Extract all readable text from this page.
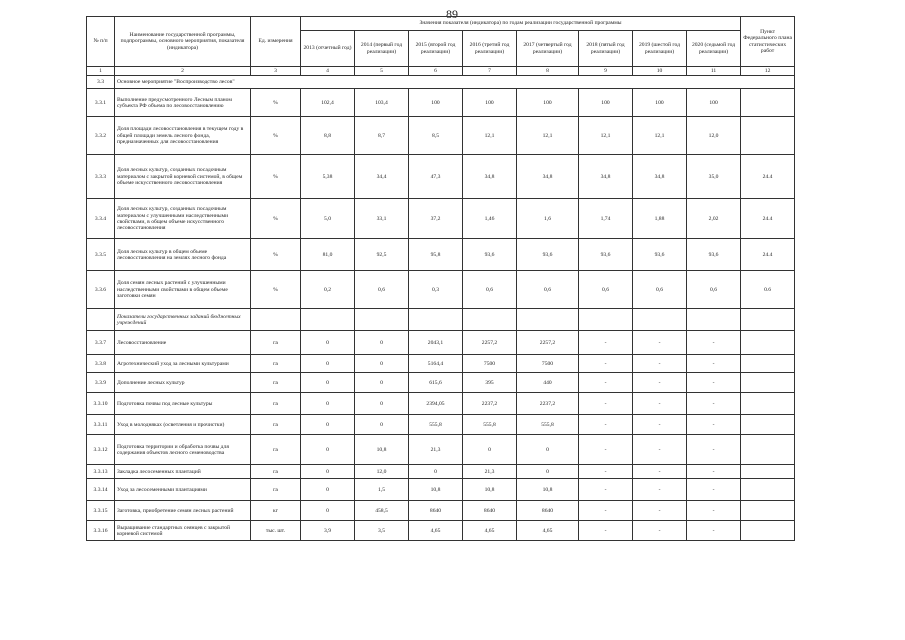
89
№ п/п	Наименование государственной программы, подпрограммы, основного мероприятия, показателя (индикатора)	Ед. измерения	Значения показателя (индикатора) по годам реализации государственной программы								Пункт Федерального плана статистических работ
			2013 (отчетный год)	2014 (первый год реализации)	2015 (второй год реализации)	2016 (третий год реализации)	2017 (четвертый год реализации)	2018 (пятый год реализации)	2019 (шестой год реализации)	2020 (седьмой год реализации)	
1	2	3	4	5	6	7	8	9	10	11	12
3.3	Основное мероприятие "Воспроизводство лесов"										
3.3.1	Выполнение предусмотренного Лесным планом субъекта РФ объема по лесовосстановлению	%	102,4	103,4	100	100	100	100	100	100	
3.3.2	Доля площади лесовосстановления в текущем году в общей площади земель лесного фонда, предназначенных для лесовосстановления	%	8,8	8,7	8,5	12,1	12,1	12,1	12,1	12,0	
3.3.3	Доля лесных культур, созданных посадочным материалом с закрытой корневой системой, в общем объеме искусственного лесовосстановления	%	5,38	34,4	47,3	34,8	34,8	34,8	34,8	35,0	24.4
3.3.4	Доля лесных культур, созданных посадочным материалом с улучшенными наследственными свойствами, в общем объеме искусственного лесовосстановления	%	5,0	33,1	37,2	1,46	1,6	1,74	1,88	2,02	24.4
3.3.5	Доля лесных культур в общем объеме лесовосстановления на землях лесного фонда	%	81,0	92,5	95,8	93,6	93,6	93,6	93,6	93,6	24.4
3.3.6	Доля семян лесных растений с улучшенными наследственными свойствами в общем объеме заготовки семян	%	0,2	0,6	0,3	0,6	0,6	0,6	0,6	0,6	0.6
	Показатели государственных заданий бюджетных учреждений										
3.3.7	Лесовосстановление	га	0	0	2043,1	2257,2	2257,2	-	-	-	
3.3.8	Агротехнический уход за лесными культурами	га	0	0	5164,4	7500	7500	-	-	-	
3.3.9	Дополнение лесных культур	га	0	0	615,6	395	440	-	-	-	
3.3.10	Подготовка почвы под лесные культуры	га	0	0	2394,05	2237,2	2237,2	-	-	-	
3.3.11	Уход в молодняках (осветления и прочистки)	га	0	0	555,8	555,8	555,8	-	-	-	
3.3.12	Подготовка территории и обработка почвы для содержания объектов лесного семеноводства	га	0	10,8	21,3	0	0	-	-	-	
3.3.13	Закладка лесосеменных плантаций	га	0	12,0	0	21,3	0	-	-	-	
3.3.14	Уход за лесосеменными плантациями	га	0	1,5	10,8	10,8	10,8	-	-	-	
3.3.15	Заготовка, приобретение семян лесных растений	кг	0	458,5	8640	8640	8640	-	-	-	
3.3.16	Выращивание стандартных сеянцев с закрытой корневой системой	тыс. шт.	3,9	3,5	4,65	4,65	4,65	-	-	-	
